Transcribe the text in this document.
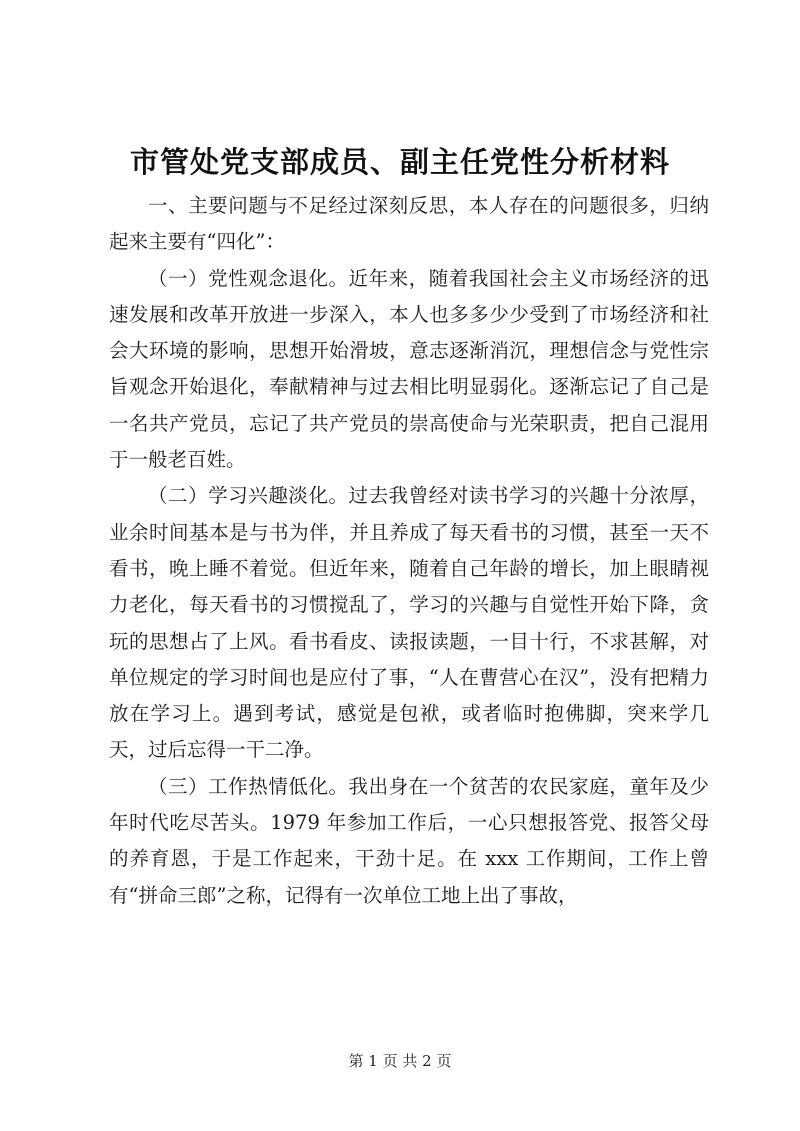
市管处党支部成员、副主任党性分析材料

一、主要问题与不足经过深刻反思，本人存在的问题很多，归纳起来主要有“四化”：

（一）党性观念退化。近年来，随着我国社会主义市场经济的迅速发展和改革开放进一步深入，本人也多多少少受到了市场经济和社会大环境的影响，思想开始滑坡，意志逐渐消沉，理想信念与党性宗旨观念开始退化，奉献精神与过去相比明显弱化。逐渐忘记了自己是一名共产党员，忘记了共产党员的崇高使命与光荣职责，把自己混用于一般老百姓。

（二）学习兴趣淡化。过去我曾经对读书学习的兴趣十分浓厚，业余时间基本是与书为伴，并且养成了每天看书的习惯，甚至一天不看书，晚上睡不着觉。但近年来，随着自己年龄的增长，加上眼睛视力老化，每天看书的习惯搅乱了，学习的兴趣与自觉性开始下降，贪玩的思想占了上风。看书看皮、读报读题，一目十行，不求甚解，对单位规定的学习时间也是应付了事，“人在曹营心在汉”，没有把精力放在学习上。遇到考试，感觉是包袱，或者临时抱佛脚，突来学几天，过后忘得一干二净。

（三）工作热情低化。我出身在一个贫苦的农民家庭，童年及少年时代吃尽苦头。1979 年参加工作后，一心只想报答党、报答父母的养育恩，于是工作起来，干劲十足。在 xxx 工作期间，工作上曾有“拼命三郎”之称，记得有一次单位工地上出了事故，

第 1 页 共 2 页
